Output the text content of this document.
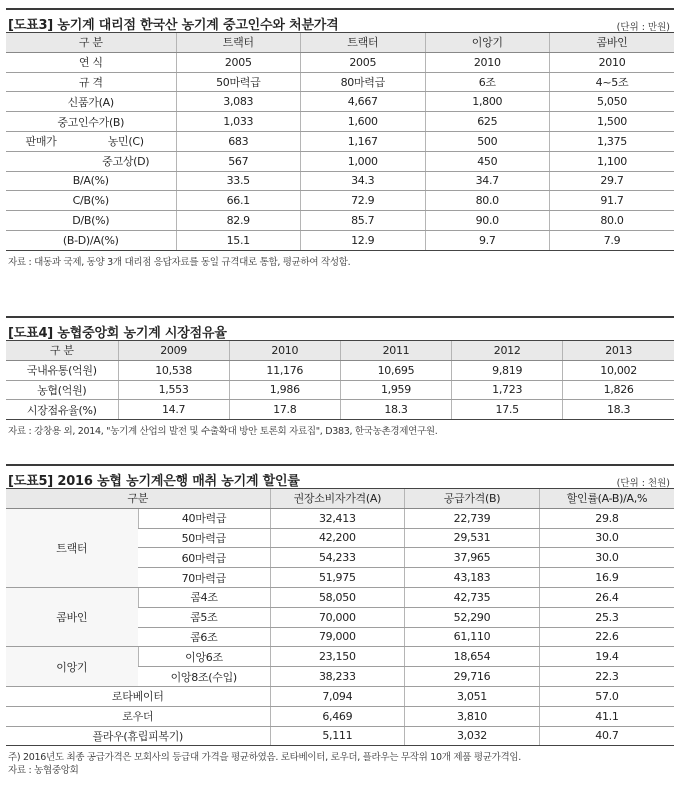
[도표3] 농기계 대리점 한국산 농기계 중고인수와 처분가격	(단위 : 만원)
구 분	트랙터	트랙터	이앙기	콤바인
연 식	2005	2005	2010	2010
규 격	50마력급	80마력급	6조	4~5조
신품가(A)	3,083	4,667	1,800	5,050
중고인수가(B)	1,033	1,600	625	1,500

판매가 농민(C)	683	1,167	500	1,375

중고상(D)	567	1,000	450	1,100
B/A(%)	33.5	34.3	34.7	29.7
C/B(%)	66.1	72.9	80.0	91.7
D/B(%)	82.9	85.7	90.0	80.0
(B-D)/A(%)	15.1	12.9	9.7	7.9
자료 : 대동과 국제, 동양 3개 대리점 응답자료를 동일 규격대로 통합, 평균하여 작성함.
[도표4] 농협중앙회 농기계 시장점유율
구 분	2009	2010	2011	2012	2013
국내유통(억원)	10,538	11,176	10,695	9,819	10,002
농협(억원)	1,553	1,986	1,959	1,723	1,826
시장점유율(%)	14.7	17.8	18.3	17.5	18.3
자료 : 강창용 외, 2014, "농기계 산업의 발전 및 수출확대 방안 토론회 자료집", D383, 한국농촌경제연구원.
[도표5] 2016 농협 농기계은행 매취 농기계 할인률	(단위 : 천원)
구분		권장소비자가격(A)	공급가격(B)	할인률(A-B)/A,%
트랙터	40마력급	32,413	22,739	29.8
	50마력급	42,200	29,531	30.0
	60마력급	54,233	37,965	30.0
	70마력급	51,975	43,183	16.9
콤바인	콤4조	58,050	42,735	26.4
	콤5조	70,000	52,290	25.3
	콤6조	79,000	61,110	22.6
이앙기	이앙6조	23,150	18,654	19.4
	이앙8조(수입)	38,233	29,716	22.3
로타베이터		7,094	3,051	57.0
로우더		6,469	3,810	41.1
플라우(휴립피복기)		5,111	3,032	40.7
주) 2016년도 최종 공급가격은 모회사의 등급대 가격을 평균하였음. 로타베이터, 로우더, 플라우는 무작위 10개 제품 평균가격임.
자료 : 농협중앙회
